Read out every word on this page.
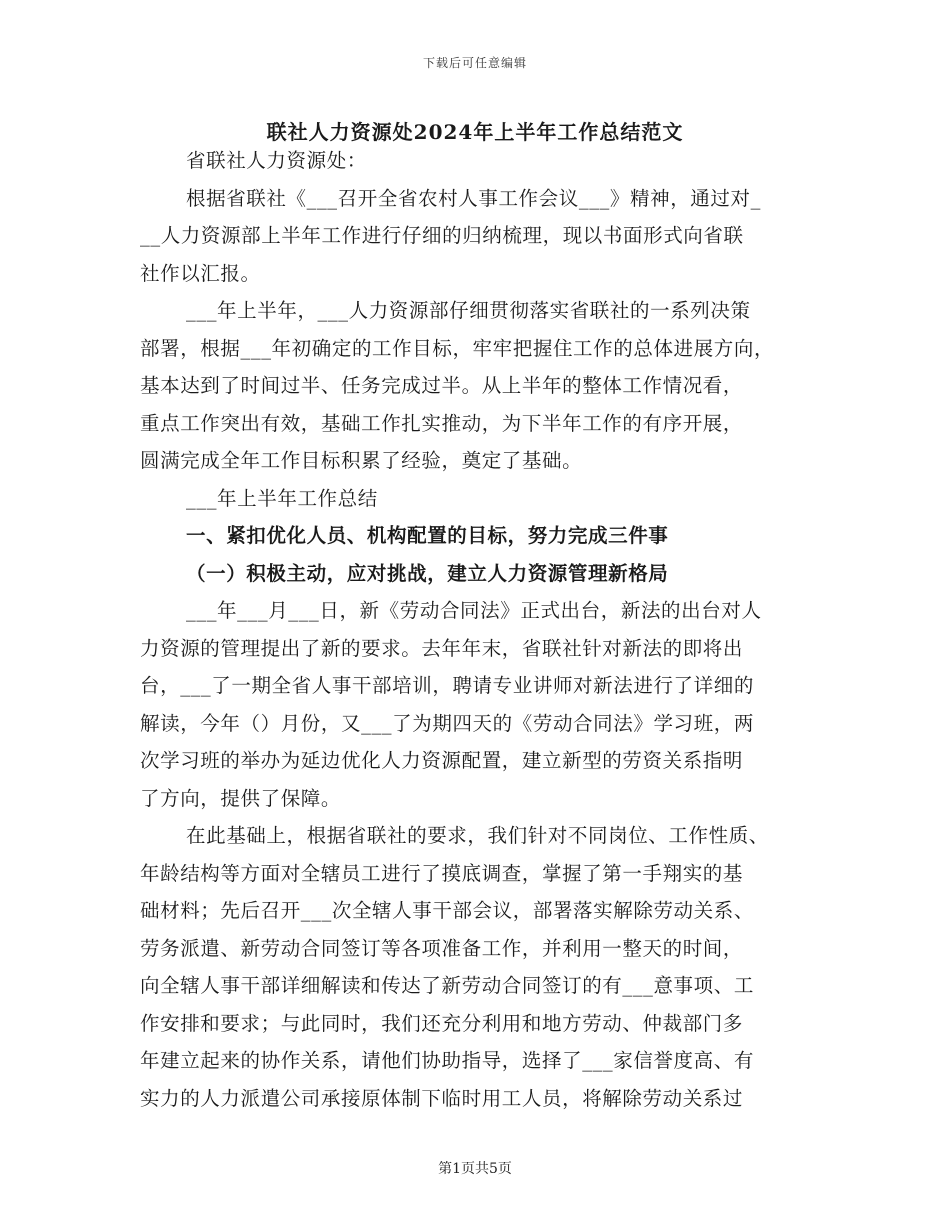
下载后可任意编辑
联社人力资源处2024年上半年工作总结范文
省联社人力资源处：
根据省联社《___召开全省农村人事工作会议___》精神，通过对_
__人力资源部上半年工作进行仔细的归纳梳理，现以书面形式向省联
社作以汇报。
___年上半年，___人力资源部仔细贯彻落实省联社的一系列决策
部署，根据___年初确定的工作目标，牢牢把握住工作的总体进展方向，
基本达到了时间过半、任务完成过半。从上半年的整体工作情况看，
重点工作突出有效，基础工作扎实推动，为下半年工作的有序开展，
圆满完成全年工作目标积累了经验，奠定了基础。
___年上半年工作总结
一、紧扣优化人员、机构配置的目标，努力完成三件事
（一）积极主动，应对挑战，建立人力资源管理新格局
___年___月___日，新《劳动合同法》正式出台，新法的出台对人
力资源的管理提出了新的要求。去年年末，省联社针对新法的即将出
台，___了一期全省人事干部培训，聘请专业讲师对新法进行了详细的
解读，今年（）月份，又___了为期四天的《劳动合同法》学习班，两
次学习班的举办为延边优化人力资源配置，建立新型的劳资关系指明
了方向，提供了保障。
在此基础上，根据省联社的要求，我们针对不同岗位、工作性质、
年龄结构等方面对全辖员工进行了摸底调查，掌握了第一手翔实的基
础材料；先后召开___次全辖人事干部会议，部署落实解除劳动关系、
劳务派遣、新劳动合同签订等各项准备工作，并利用一整天的时间，
向全辖人事干部详细解读和传达了新劳动合同签订的有___意事项、工
作安排和要求；与此同时，我们还充分利用和地方劳动、仲裁部门多
年建立起来的协作关系，请他们协助指导，选择了___家信誉度高、有
实力的人力派遣公司承接原体制下临时用工人员，将解除劳动关系过
第1页共5页
